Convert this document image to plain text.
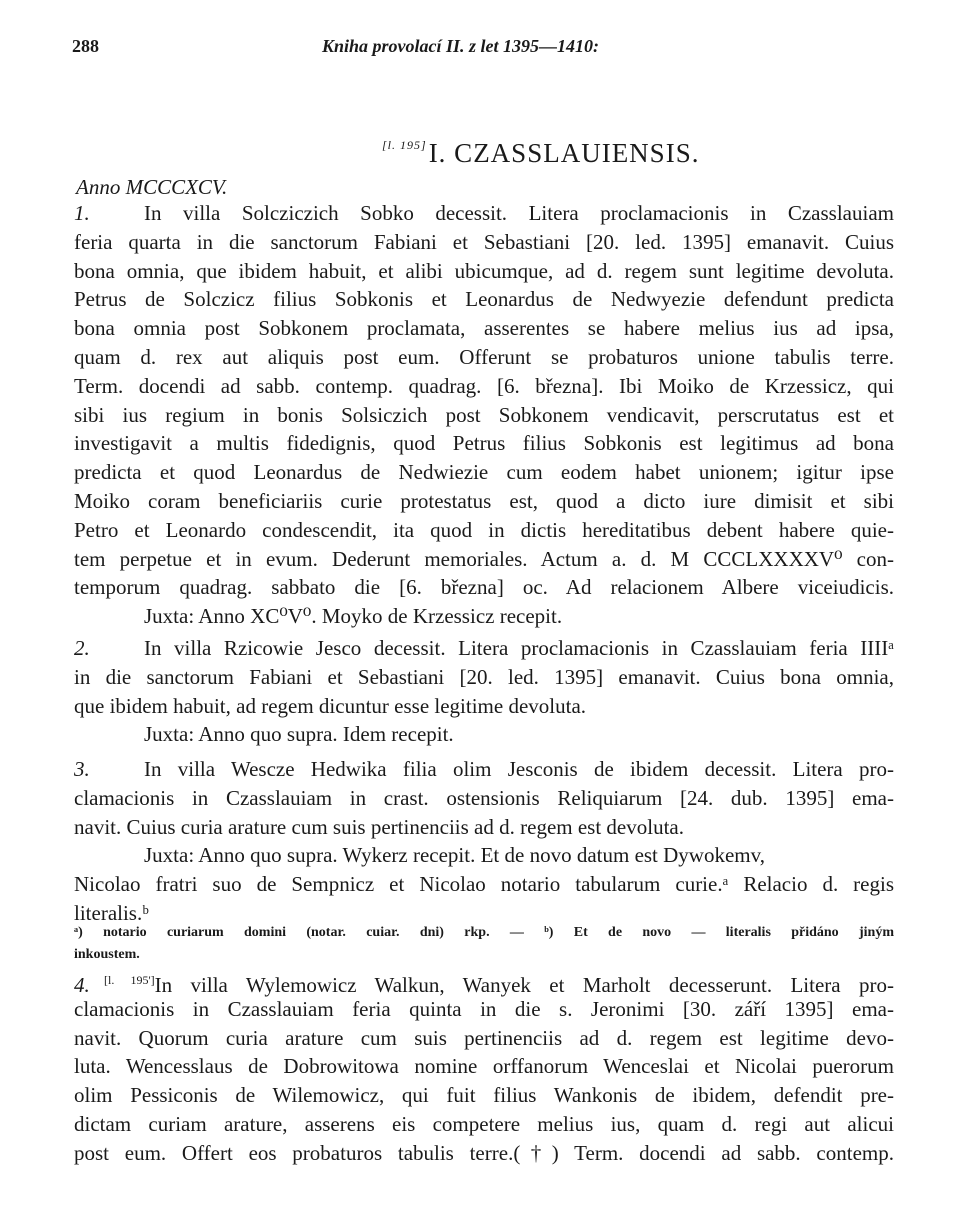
288	Kniha provolací II. z let 1395—1410:
[l. 195]I. CZASSLAUIENSIS.
Anno MCCCXCV.
1.	In villa Solcziczich Sobko decessit. Litera proclamacionis in Czasslauiam
feria quarta in die sanctorum Fabiani et Sebastiani [20. led. 1395] emanavit. Cuius
bona omnia, que ibidem habuit, et alibi ubicumque, ad d. regem sunt legitime devoluta.
Petrus de Solczicz filius Sobkonis et Leonardus de Nedwyezie defendunt predicta
bona omnia post Sobkonem proclamata, asserentes se habere melius ius ad ipsa,
quam d. rex aut aliquis post eum. Offerunt se probaturos unione tabulis terre.
Term. docendi ad sabb. contemp. quadrag. [6. března]. Ibi Moiko de Krzessicz, qui
sibi ius regium in bonis Solsiczich post Sobkonem vendicavit, perscrutatus est et
investigavit a multis fidedignis, quod Petrus filius Sobkonis est legitimus ad bona
predicta et quod Leonardus de Nedwiezie cum eodem habet unionem; igitur ipse
Moiko coram beneficiariis curie protestatus est, quod a dicto iure dimisit et sibi
Petro et Leonardo condescendit, ita quod in dictis hereditatibus debent habere quie-
tem perpetue et in evum. Dederunt memoriales. Actum a. d. M CCCLXXXXV⁰ con-
temporum quadrag. sabbato die [6. března] oc. Ad relacionem Albere viceiudicis.
Juxta: Anno XC⁰V⁰. Moyko de Krzessicz recepit.
2.	In villa Rzicowie Jesco decessit. Litera proclamacionis in Czasslauiam feria IIIIᵃ
in die sanctorum Fabiani et Sebastiani [20. led. 1395] emanavit. Cuius bona omnia,
que ibidem habuit, ad regem dicuntur esse legitime devoluta.
Juxta: Anno quo supra. Idem recepit.
3.	In villa Wescze Hedwika filia olim Jesconis de ibidem decessit. Litera pro-
clamacionis in Czasslauiam in crast. ostensionis Reliquiarum [24. dub. 1395] ema-
navit. Cuius curia arature cum suis pertinenciis ad d. regem est devoluta.
Juxta: Anno quo supra. Wykerz recepit. Et de novo datum est Dywokemv,
Nicolao fratri suo de Sempnicz et Nicolao notario tabularum curie.ᵃ Relacio d. regis
literalis.ᵇ
ᵃ) notario curiarum domini (notar. cuiar. dni) rkp. — ᵇ) Et de novo — literalis přidáno jiným
inkoustem.
4. [l. 195']In villa Wylemowicz Walkun, Wanyek et Marholt decesserunt. Litera pro-
clamacionis in Czasslauiam feria quinta in die s. Jeronimi [30. září 1395] ema-
navit. Quorum curia arature cum suis pertinenciis ad d. regem est legitime devo-
luta. Wencesslaus de Dobrowitowa nomine orffanorum Wenceslai et Nicolai puerorum
olim Pessiconis de Wilemowicz, qui fuit filius Wankonis de ibidem, defendit pre-
dictam curiam arature, asserens eis competere melius ius, quam d. regi aut alicui
post eum. Offert eos probaturos tabulis terre.(†) Term. docendi ad sabb. contemp.
